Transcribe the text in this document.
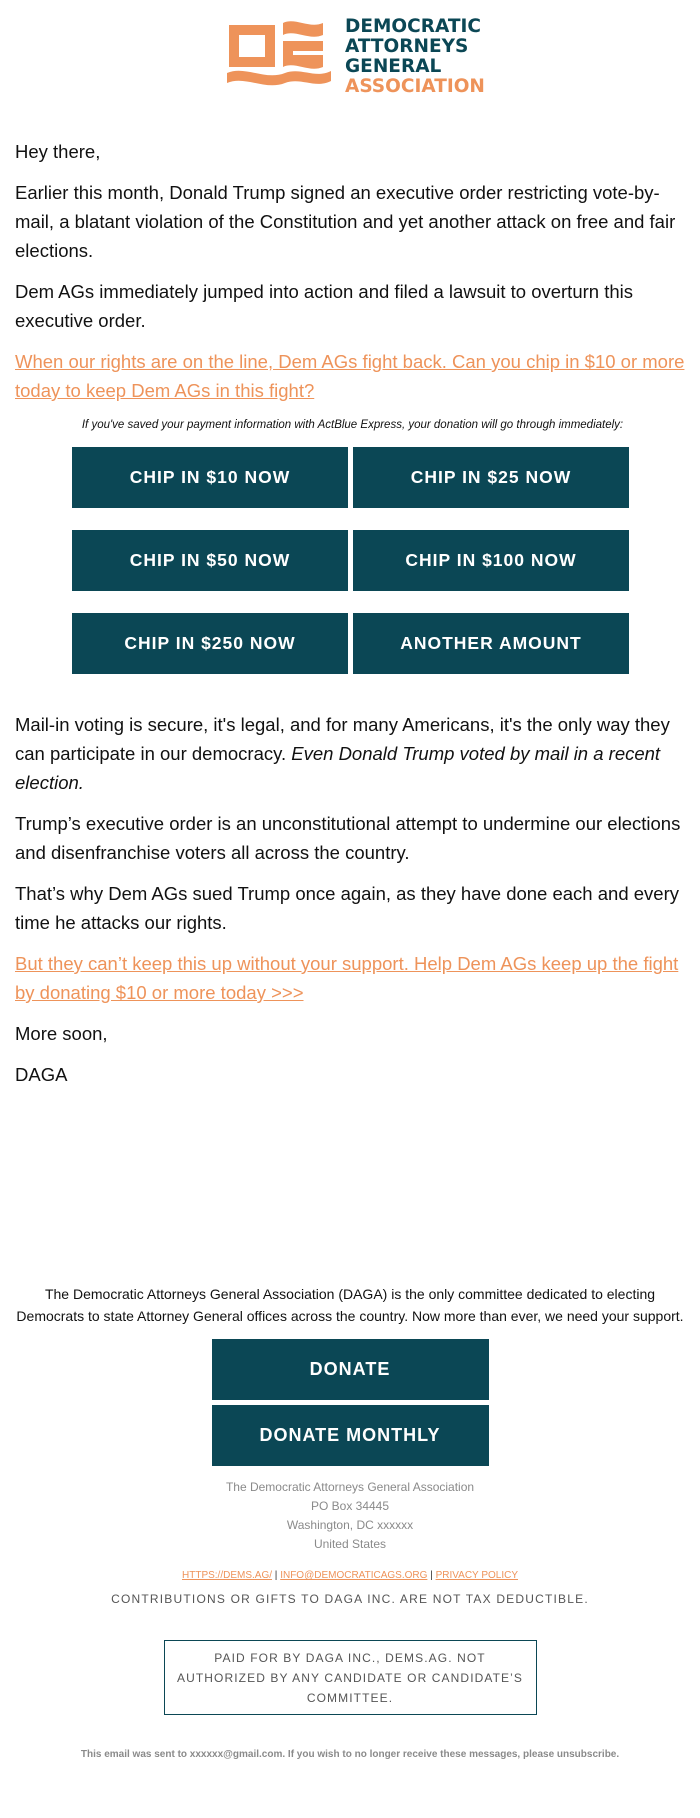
DEMOCRATIC
ATTORNEYS
GENERAL
ASSOCIATION

Hey there,

Earlier this month, Donald Trump signed an executive order restricting vote-by-mail, a blatant violation of the Constitution and yet another attack on free and fair elections.

Dem AGs immediately jumped into action and filed a lawsuit to overturn this executive order.

When our rights are on the line, Dem AGs fight back. Can you chip in $10 or more today to keep Dem AGs in this fight?

If you've saved your payment information with ActBlue Express, your donation will go through immediately:
CHIP IN $10 NOW	CHIP IN $25 NOW
CHIP IN $50 NOW	CHIP IN $100 NOW
CHIP IN $250 NOW	ANOTHER AMOUNT

Mail-in voting is secure, it's legal, and for many Americans, it's the only way they can participate in our democracy. Even Donald Trump voted by mail in a recent election.

Trump’s executive order is an unconstitutional attempt to undermine our elections and disenfranchise voters all across the country.

That’s why Dem AGs sued Trump once again, as they have done each and every time he attacks our rights.

But they can’t keep this up without your support. Help Dem AGs keep up the fight by donating $10 or more today >>>

More soon,

DAGA

The Democratic Attorneys General Association (DAGA) is the only committee dedicated to electing Democrats to state Attorney General offices across the country. Now more than ever, we need your support.

DONATE
DONATE MONTHLY
The Democratic Attorneys General Association
PO Box 34445
Washington, DC xxxxxx
United States
HTTPS://DEMS.AG/ | INFO@DEMOCRATICAGS.ORG | PRIVACY POLICY
CONTRIBUTIONS OR GIFTS TO DAGA INC. ARE NOT TAX DEDUCTIBLE.
PAID FOR BY DAGA INC., DEMS.AG. NOT AUTHORIZED BY ANY CANDIDATE OR CANDIDATE’S COMMITTEE.
This email was sent to xxxxxx@gmail.com. If you wish to no longer receive these messages, please unsubscribe.
